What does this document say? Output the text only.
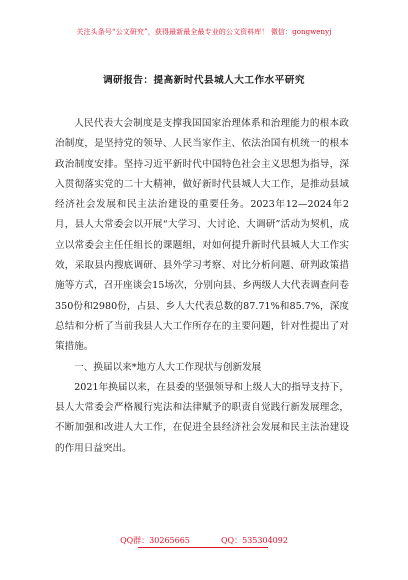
关注头条号“公文研究”，获得最新最全最专业的公文资料库！ 微信：gongwenyj
调研报告：提高新时代县城人大工作水平研究

人民代表大会制度是支撑我国国家治理体系和治理能力的根本政治制度，是坚持党的领导、人民当家作主、依法治国有机统一的根本政治制度安排。坚持习近平新时代中国特色社会主义思想为指导，深入贯彻落实党的二十大精神，做好新时代县城人大工作，是推动县域经济社会发展和民主法治建设的重要任务。2023年12—2024年2月，县人大常委会以开展“大学习、大讨论、大调研”活动为契机，成立以常委会主任任组长的课题组，对如何提升新时代县城人大工作实效，采取县内搜底调研、县外学习考察、对比分析问题、研判政策措施等方式，召开座谈会15场次，分别向县、乡两级人大代表调查问卷350份和2980份，占县、乡人大代表总数的87.71%和85.7%，深度总结和分析了当前我县人大工作所存在的主要问题，针对性提出了对策措施。

一、换届以来*地方人大工作现状与创新发展

2021年换届以来，在县委的坚强领导和上级人大的指导支持下，县人大常委会严格履行宪法和法律赋予的职责自觉践行新发展理念，不断加强和改进人大工作，在促进全县经济社会发展和民主法治建设的作用日益突出。

QQ群：30265665	QQ：535304092
